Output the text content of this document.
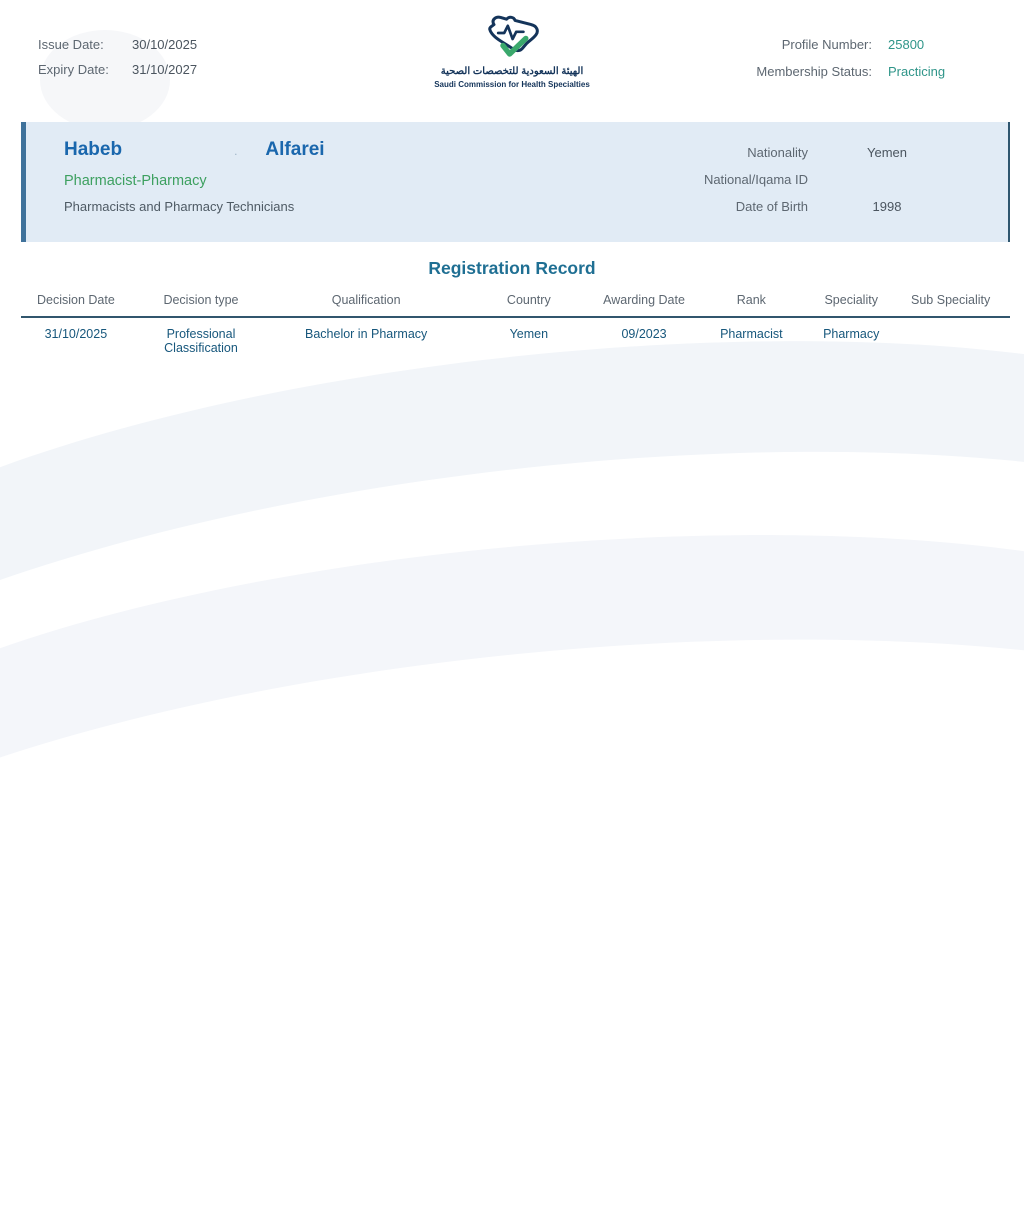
Issue Date:	30/10/2025
Expiry Date:	31/10/2027	الهيئة السعودية للتخصصات الصحية
Saudi Commission for Health Specialties
Profile Number:	25800
Membership Status:	Practicing
Habeb	. Alfarei
Pharmacist-Pharmacy
Pharmacists and Pharmacy Technicians
Nationality	Yemen
National/Iqama ID
Date of Birth	1998
Registration Record
Decision Date	Decision type	Qualification	Country	Awarding Date	Rank	Speciality	Sub Speciality
31/10/2025	Professional Classification	Bachelor in Pharmacy	Yemen	09/2023	Pharmacist	Pharmacy	
